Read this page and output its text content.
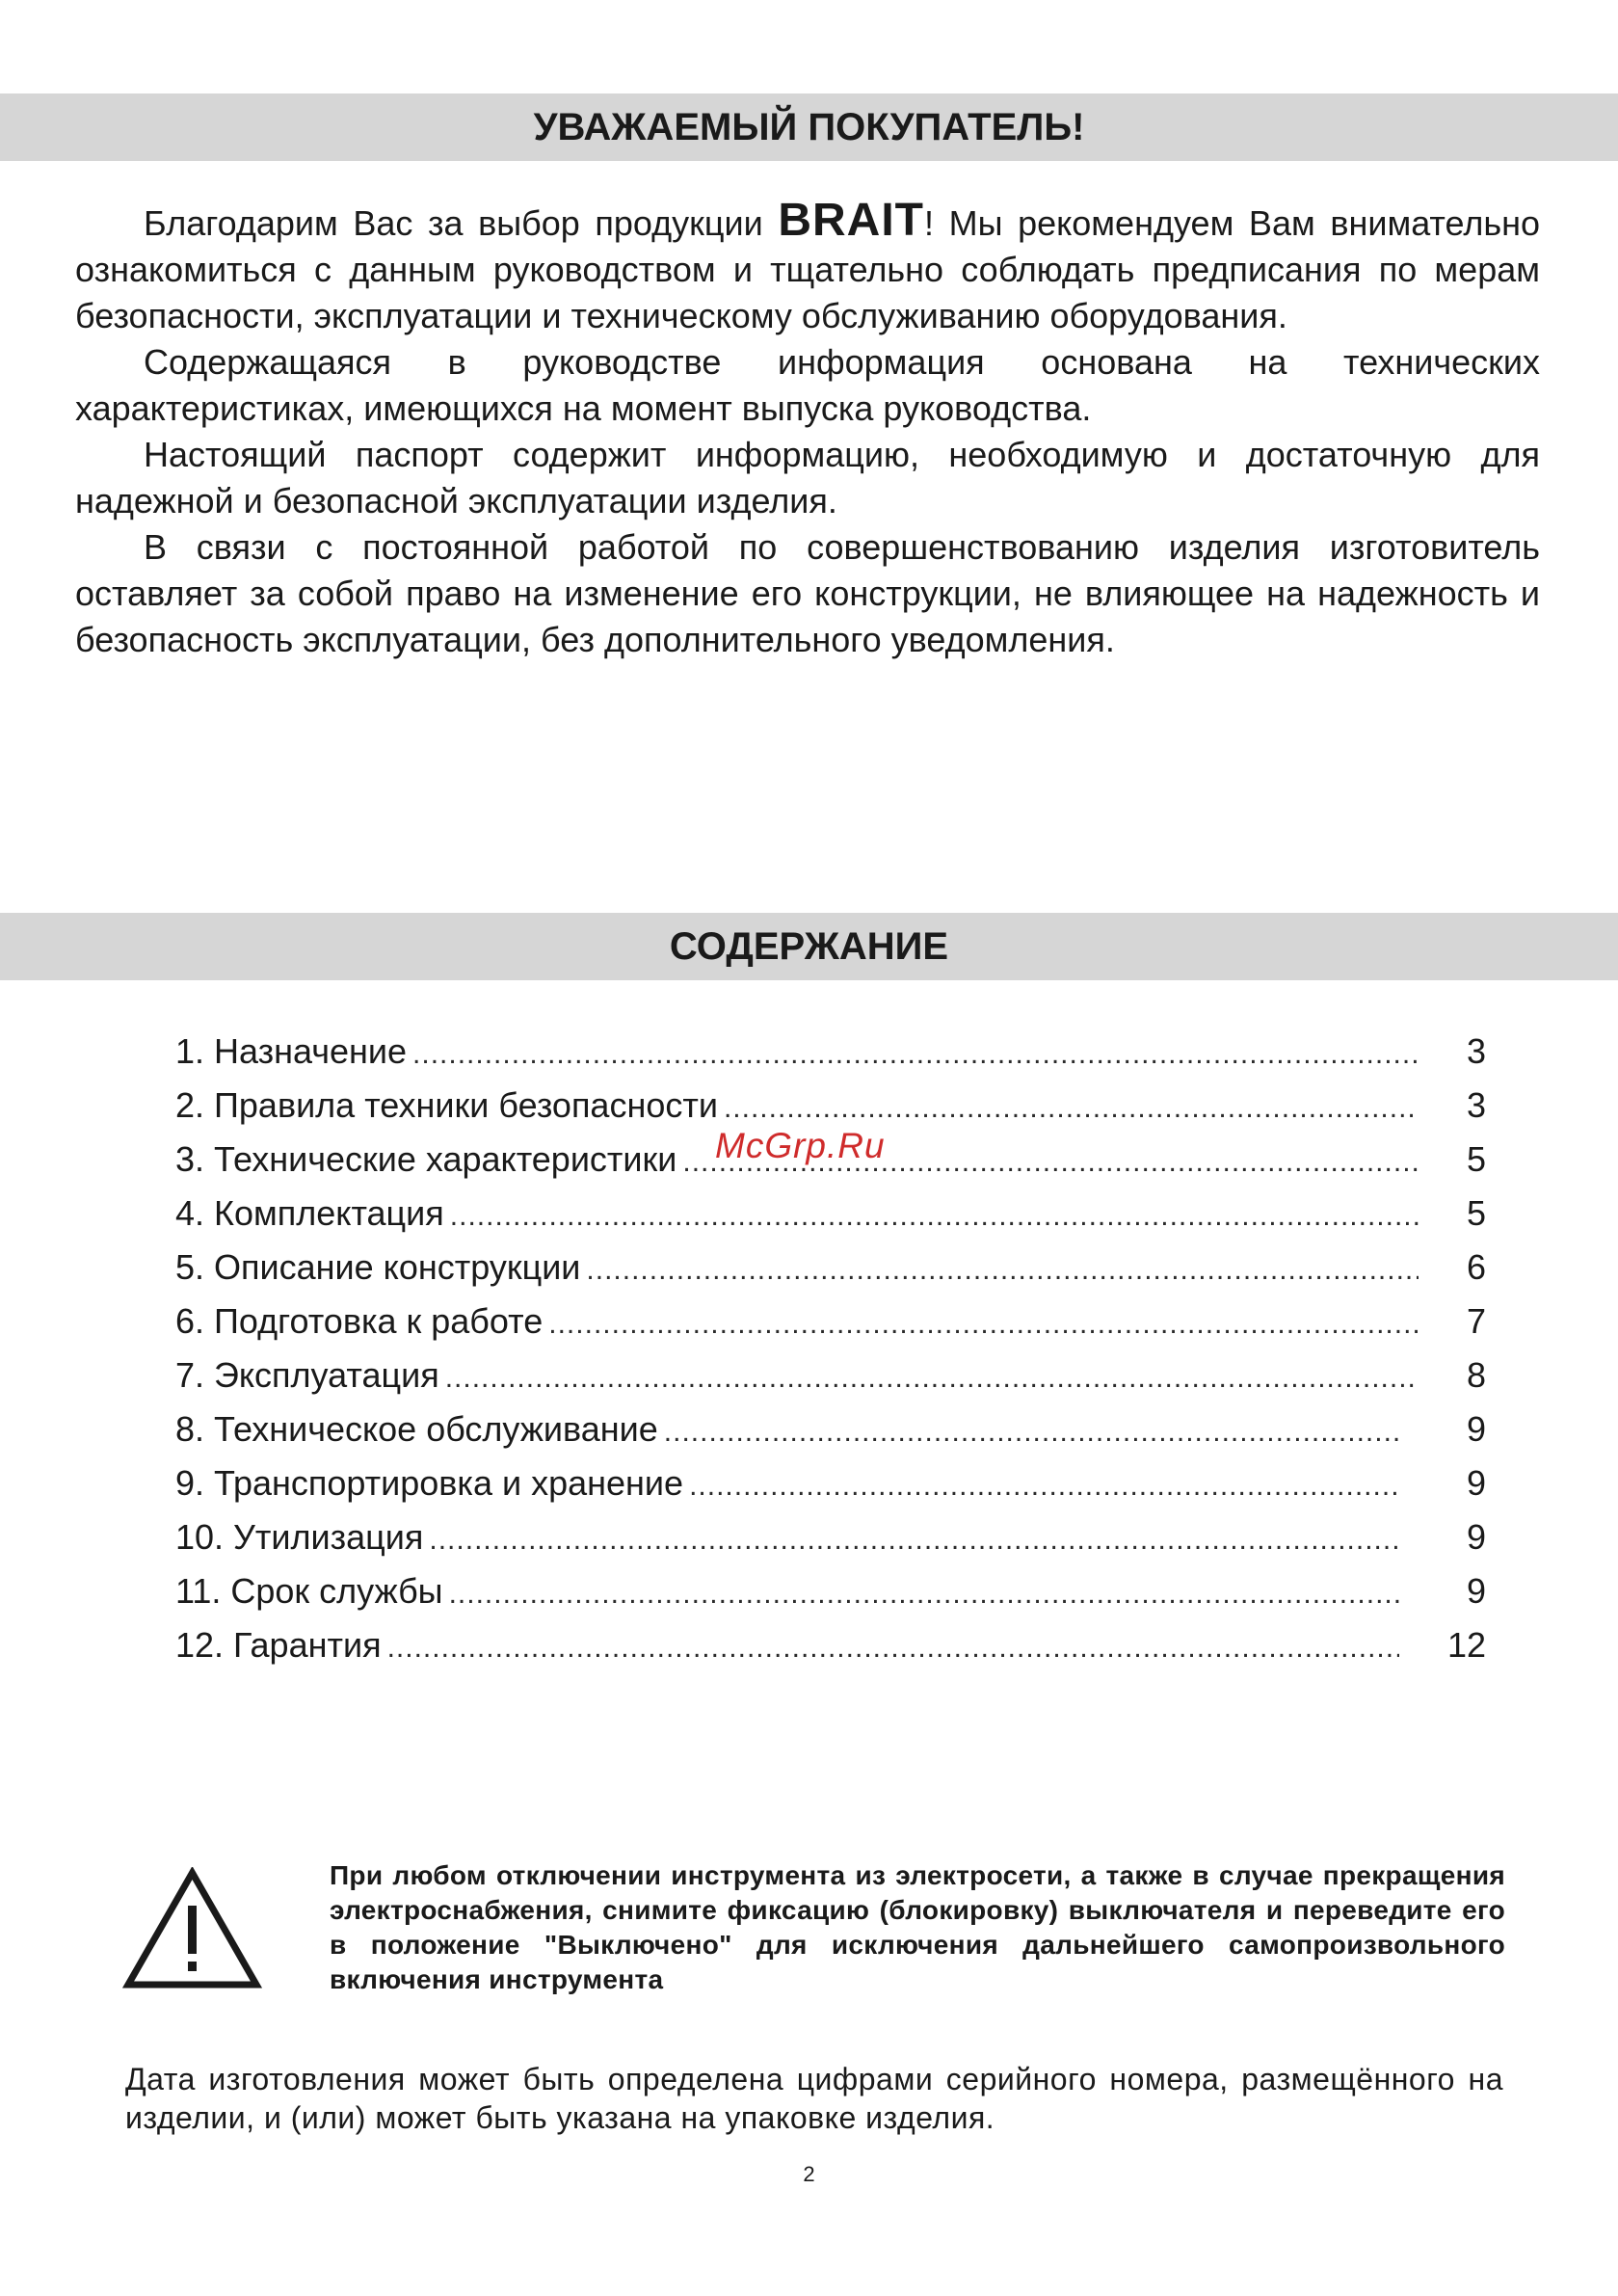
УВАЖАЕМЫЙ ПОКУПАТЕЛЬ!

Благодарим Вас за выбор продукции BRAIT! Мы рекомендуем Вам внимательно ознакомиться с данным руководством и тщательно соблюдать предписания по мерам безопасности, эксплуатации и техническому обслуживанию оборудования.

Содержащаяся в руководстве информация основана на технических характеристиках, имеющихся на момент выпуска руководства.

Настоящий паспорт содержит информацию, необходимую и достаточную для надежной и безопасной эксплуатации изделия.

В связи с постоянной работой по совершенствованию изделия изготовитель оставляет за собой право на изменение его конструкции, не влияющее на надежность и безопасность эксплуатации, без дополнительного уведомления.

СОДЕРЖАНИЕ
1. Назначение .....	3
2. Правила техники безопасности .....	3
3. Технические характеристики .....	5
4. Комплектация .....	5
5. Описание конструкции .....	6
6. Подготовка к работе .....	7
7. Эксплуатация .....	8
8. Техническое обслуживание .....	9
9. Транспортировка и хранение .....	9
10. Утилизация .....	9
11. Срок службы .....	9
12. Гарантия .....	12
McGrp.Ru
При любом отключении инструмента из электросети, а также в случае прекращения электроснабжения, снимите фиксацию (блокировку) выключателя и переведите его в положение "Выключено" для исключения дальнейшего самопроизвольного включения инструмента
Дата изготовления может быть определена цифрами серийного номера, размещённого на изделии, и (или) может быть указана на упаковке изделия.
2
